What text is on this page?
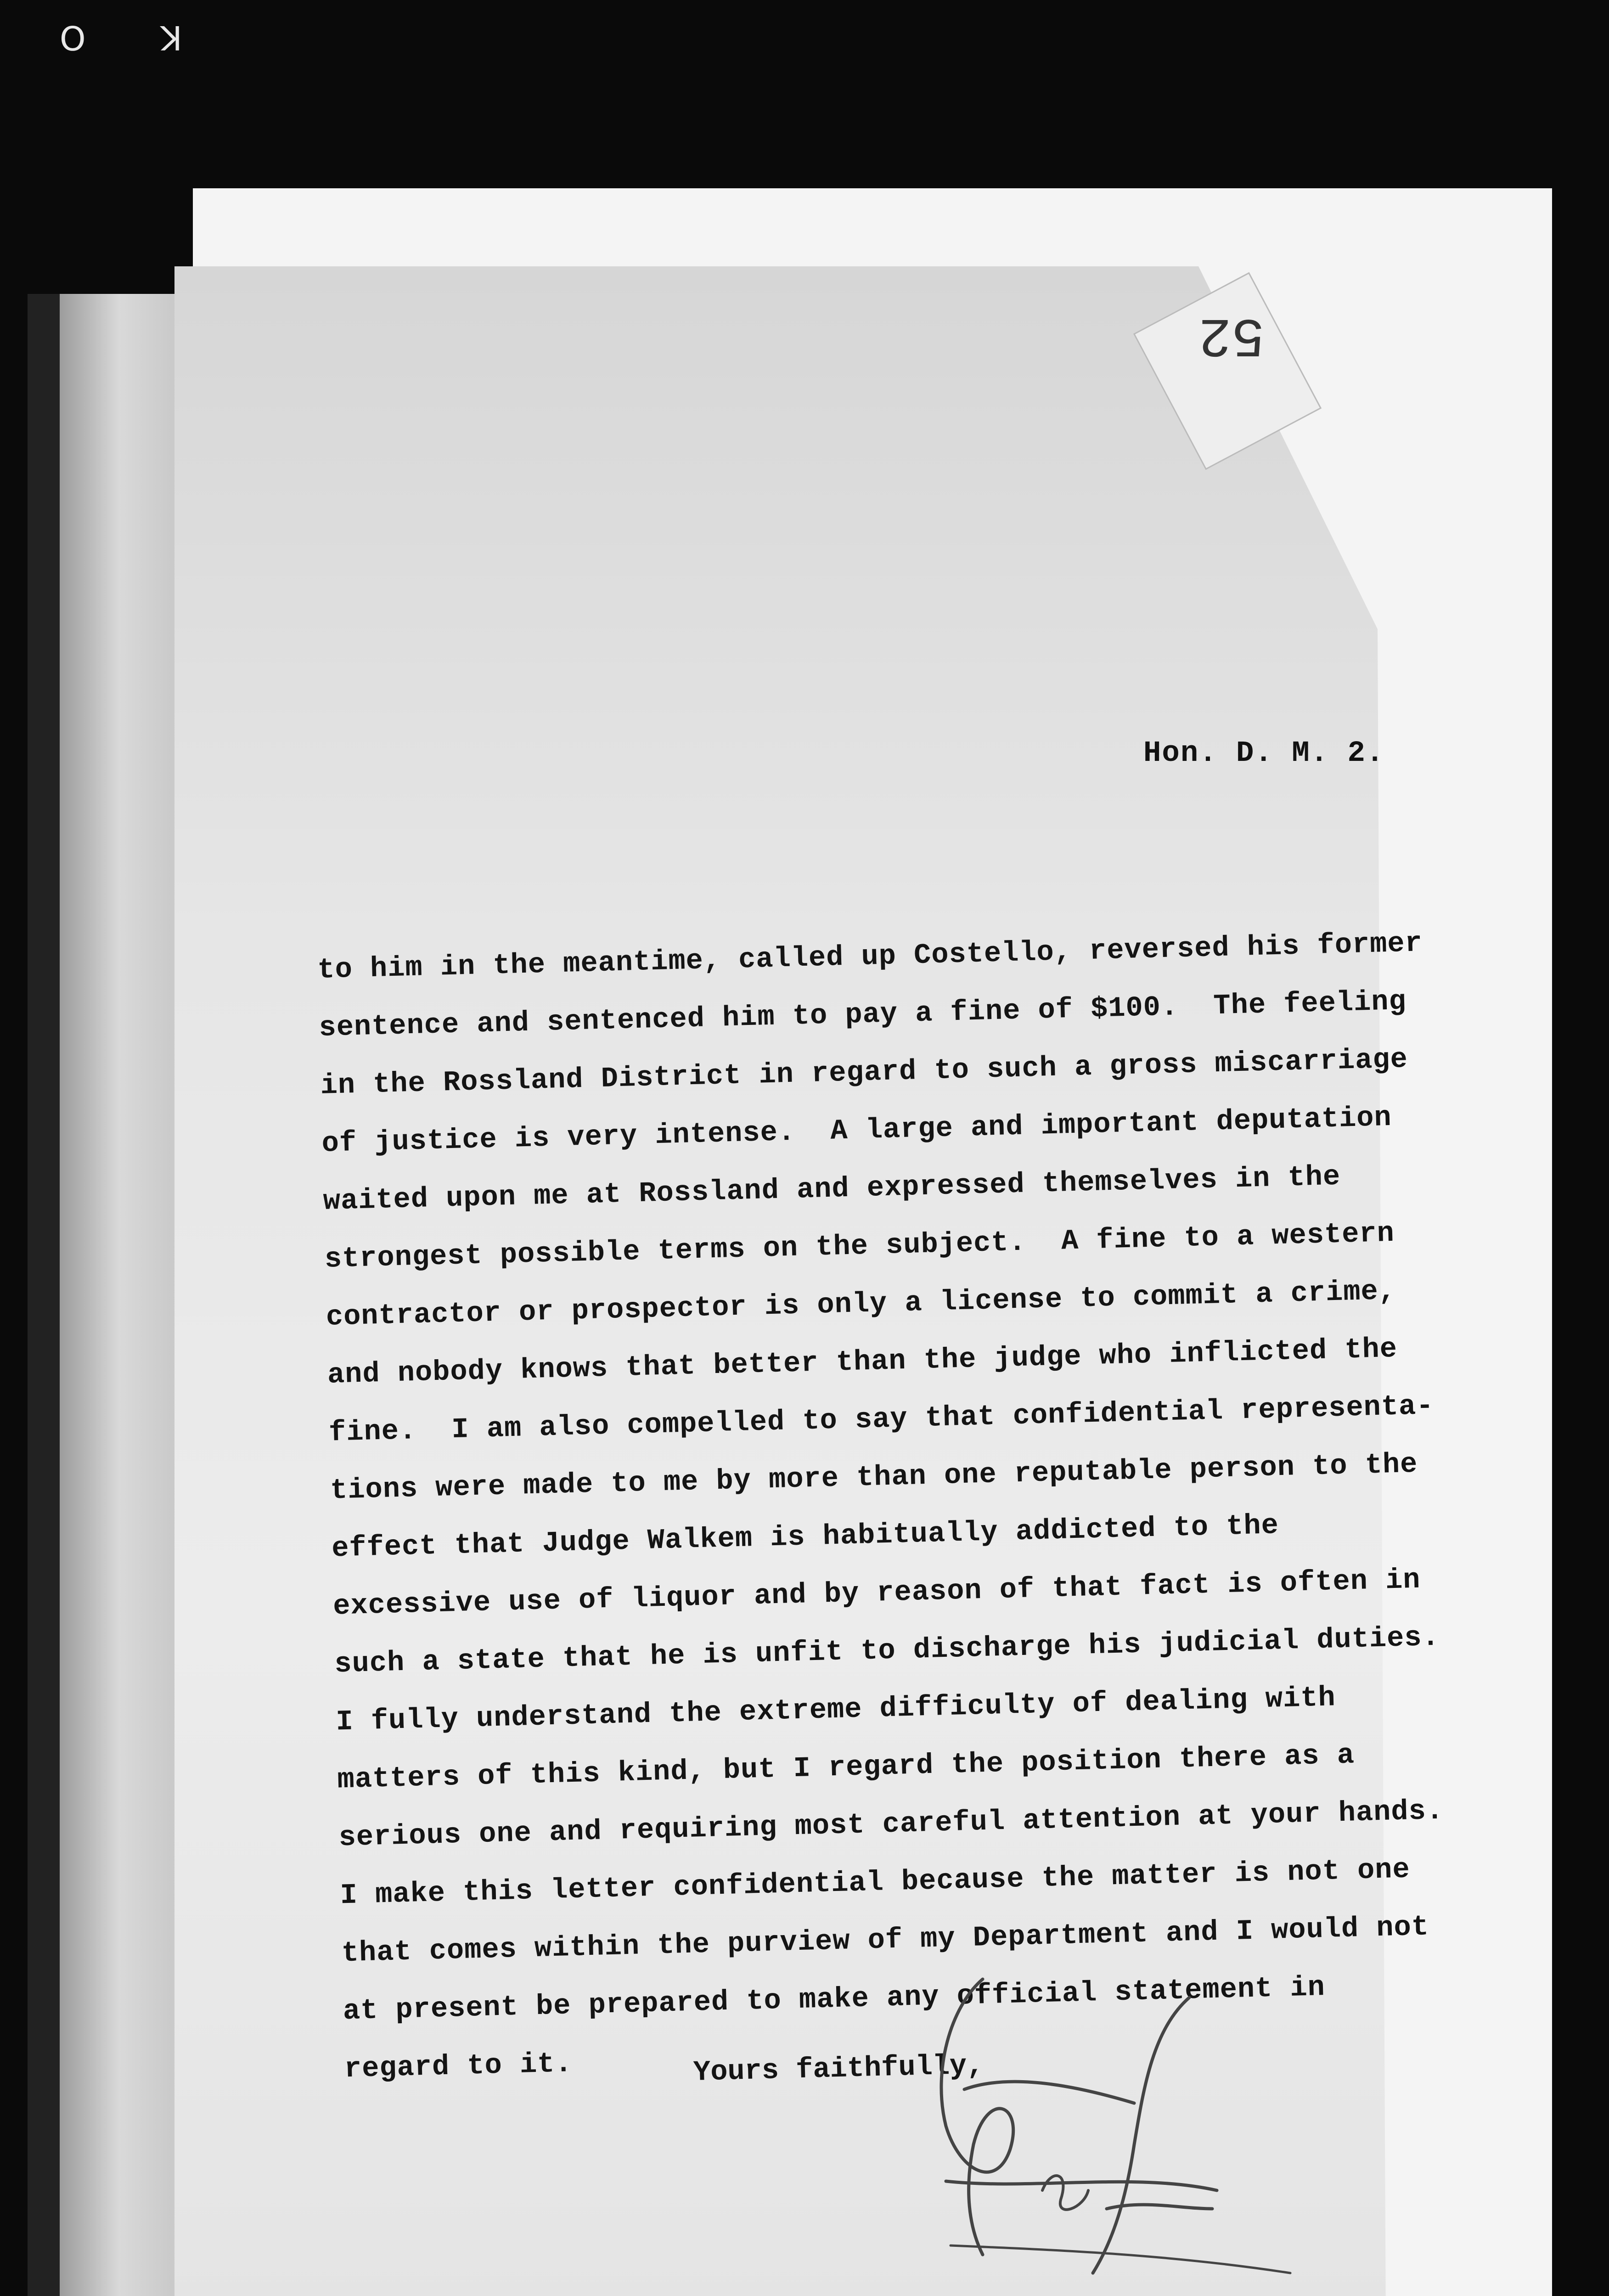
K O
52
Hon. D. M. 2.
to him in the meantime, called up Costello, reversed his former
sentence and sentenced him to pay a fine of $100.  The feeling
in the Rossland District in regard to such a gross miscarriage
of justice is very intense.  A large and important deputation
waited upon me at Rossland and expressed themselves in the
strongest possible terms on the subject.  A fine to a western
contractor or prospector is only a license to commit a crime,
and nobody knows that better than the judge who inflicted the
fine.  I am also compelled to say that confidential representa-
tions were made to me by more than one reputable person to the
effect that Judge Walkem is habitually addicted to the
excessive use of liquor and by reason of that fact is often in
such a state that he is unfit to discharge his judicial duties.
I fully understand the extreme difficulty of dealing with
matters of this kind, but I regard the position there as a
serious one and requiring most careful attention at your hands.
I make this letter confidential because the matter is not one
that comes within the purview of my Department and I would not
at present be prepared to make any official statement in
regard to it.	Yours faithfully,
